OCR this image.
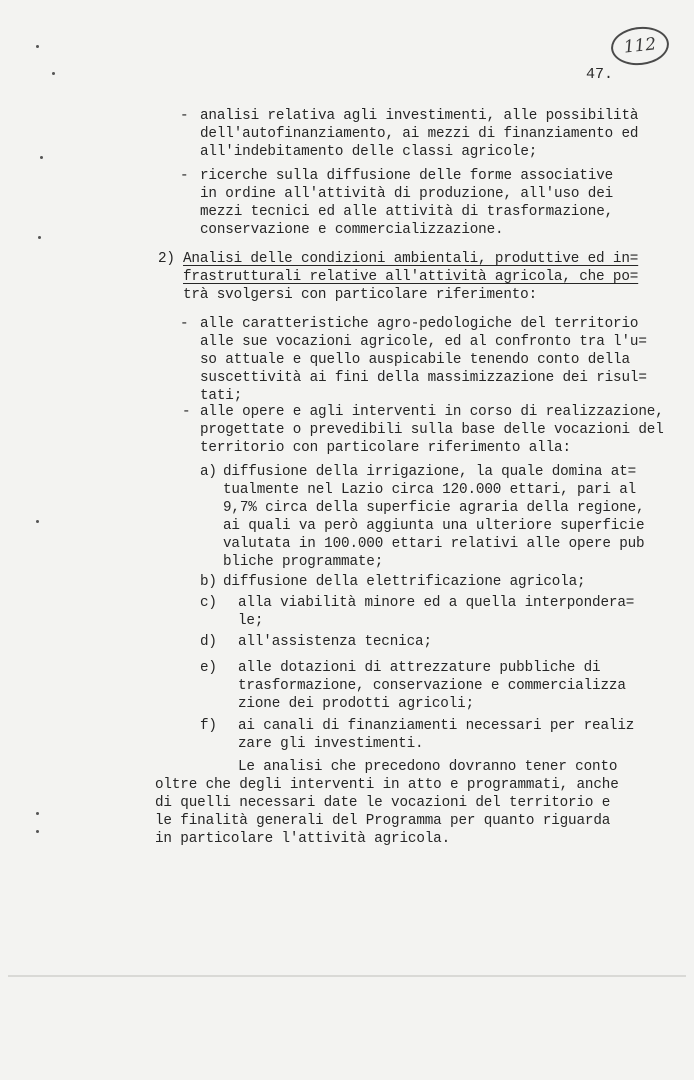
112
47.
- analisi relativa agli investimenti, alle possibilità
dell'autofinanziamento, ai mezzi di finanziamento ed
all'indebitamento delle classi agricole;
- ricerche sulla diffusione delle forme associative
in ordine all'attività di produzione, all'uso dei
mezzi tecnici ed alle attività di trasformazione,
conservazione e commercializzazione.
2) Analisi delle condizioni ambientali, produttive ed in=
frastrutturali relative all'attività agricola, che po=
trà svolgersi con particolare riferimento:
- alle caratteristiche agro-pedologiche del territorio
alle sue vocazioni agricole, ed al confronto tra l'u=
so attuale e quello auspicabile tenendo conto della
suscettività ai fini della massimizzazione dei risul=
tati;
- alle opere e agli interventi in corso di realizzazione,
progettate o prevedibili sulla base delle vocazioni del
territorio con particolare riferimento alla:
a) diffusione della irrigazione, la quale domina at=
tualmente nel Lazio circa 120.000 ettari, pari al
9,7% circa della superficie agraria della regione,
ai quali va però aggiunta una ulteriore superficie
valutata in 100.000 ettari relativi alle opere pub
bliche programmate;
b) diffusione della elettrificazione agricola;
c) alla viabilità minore ed a quella interpondera=
le;
d) all'assistenza tecnica;
e) alle dotazioni di attrezzature pubbliche di
trasformazione, conservazione e commercializza
zione dei prodotti agricoli;
f) ai canali di finanziamenti necessari per realiz
zare gli investimenti.
Le analisi che precedono dovranno tener conto
oltre che degli interventi in atto e programmati, anche
di quelli necessari date le vocazioni del territorio e
le finalità generali del Programma per quanto riguarda
in particolare l'attività agricola.
